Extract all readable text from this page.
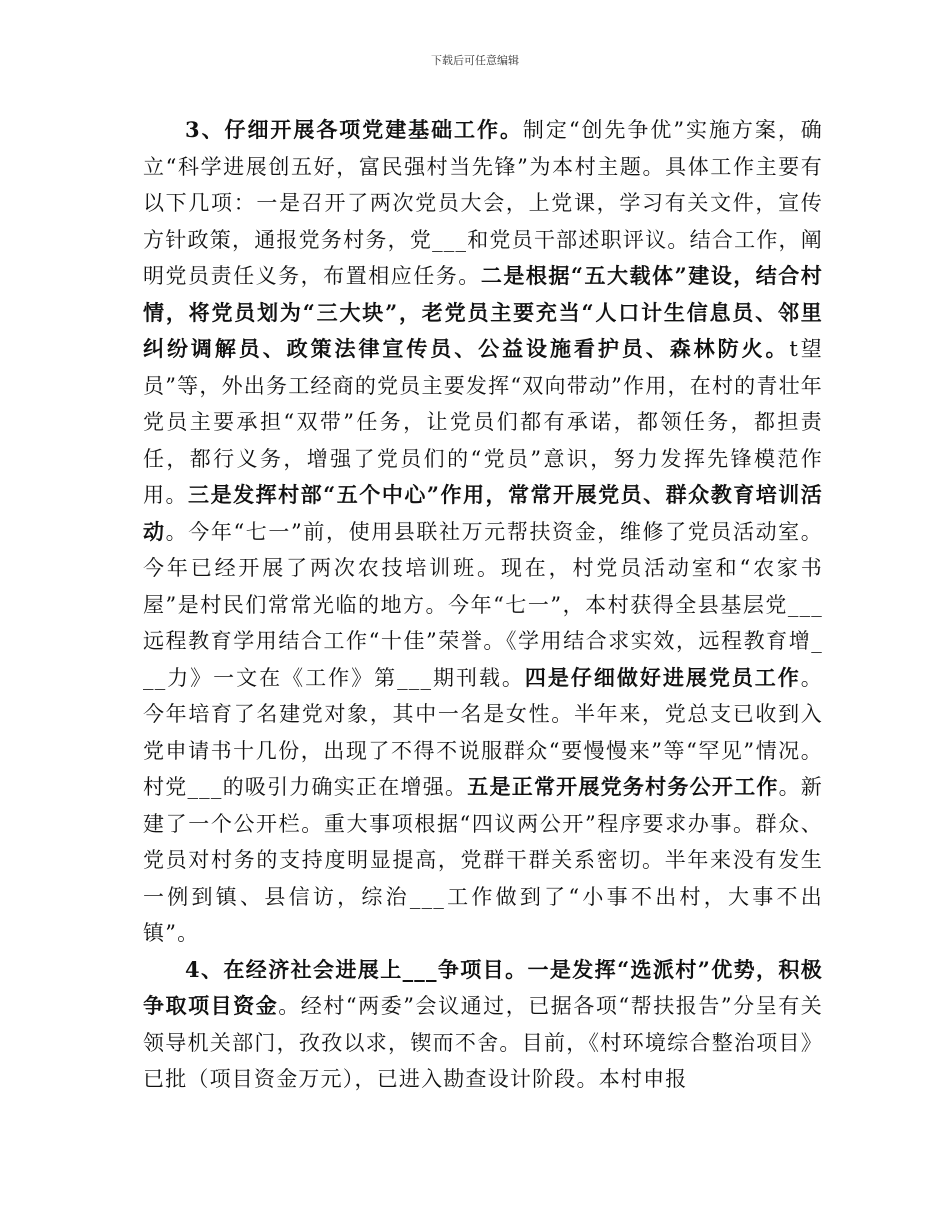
下载后可任意编辑

3、仔细开展各项党建基础工作。制定“创先争优”实施方案，确立“科学进展创五好，富民强村当先锋”为本村主题。具体工作主要有以下几项：一是召开了两次党员大会，上党课，学习有关文件，宣传方针政策，通报党务村务，党___和党员干部述职评议。结合工作，阐明党员责任义务，布置相应任务。二是根据“五大载体”建设，结合村情，将党员划为“三大块”，老党员主要充当“人口计生信息员、邻里纠纷调解员、政策法律宣传员、公益设施看护员、森林防火。t望员”等，外出务工经商的党员主要发挥“双向带动”作用，在村的青壮年党员主要承担“双带”任务，让党员们都有承诺，都领任务，都担责任，都行义务，增强了党员们的“党员”意识，努力发挥先锋模范作用。三是发挥村部“五个中心”作用，常常开展党员、群众教育培训活动。今年“七一”前，使用县联社万元帮扶资金，维修了党员活动室。今年已经开展了两次农技培训班。现在，村党员活动室和“农家书屋”是村民们常常光临的地方。今年“七一”，本村获得全县基层党___远程教育学用结合工作“十佳”荣誉。《学用结合求实效，远程教育增___力》一文在《工作》第___期刊载。四是仔细做好进展党员工作。今年培育了名建党对象，其中一名是女性。半年来，党总支已收到入党申请书十几份，出现了不得不说服群众“要慢慢来”等“罕见”情况。村党___的吸引力确实正在增强。五是正常开展党务村务公开工作。新建了一个公开栏。重大事项根据“四议两公开”程序要求办事。群众、党员对村务的支持度明显提高，党群干群关系密切。半年来没有发生一例到镇、县信访，综治___工作做到了“小事不出村，大事不出镇”。

4、在经济社会进展上___争项目。一是发挥“选派村”优势，积极争取项目资金。经村“两委”会议通过，已据各项“帮扶报告”分呈有关领导机关部门，孜孜以求，锲而不舍。目前，《村环境综合整治项目》已批（项目资金万元），已进入勘查设计阶段。本村申报
